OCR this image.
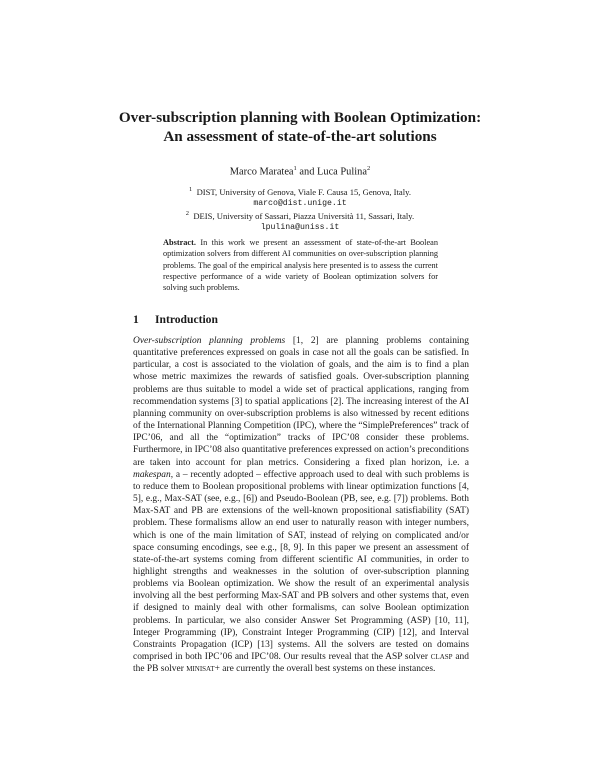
Over-subscription planning with Boolean Optimization:
An assessment of state-of-the-art solutions
Marco Maratea$^1$ and Luca Pulina$^2$
$^1$ DIST, University of Genova, Viale F. Causa 15, Genova, Italy.
marco@dist.unige.it
$^2$ DEIS, University of Sassari, Piazza Università 11, Sassari, Italy.
lpulina@uniss.it
Abstract. In this work we present an assessment of state-of-the-art Boolean optimization solvers from different AI communities on over-subscription planning problems. The goal of the empirical analysis here presented is to assess the current respective performance of a wide variety of Boolean optimization solvers for solving such problems.
1 Introduction
Over-subscription planning problems [1, 2] are planning problems containing quantitative preferences expressed on goals in case not all the goals can be satisfied. In particular, a cost is associated to the violation of goals, and the aim is to find a plan whose metric maximizes the rewards of satisfied goals. Over-subscription planning problems are thus suitable to model a wide set of practical applications, ranging from recommendation systems [3] to spatial applications [2]. The increasing interest of the AI planning community on over-subscription problems is also witnessed by recent editions of the International Planning Competition (IPC), where the “SimplePreferences” track of IPC’06, and all the “optimization” tracks of IPC’08 consider these problems. Furthermore, in IPC’08 also quantitative preferences expressed on action’s preconditions are taken into account for plan metrics. Considering a fixed plan horizon, i.e. a makespan, a – recently adopted – effective approach used to deal with such problems is to reduce them to Boolean propositional problems with linear optimization functions [4, 5], e.g., Max-SAT (see, e.g., [6]) and Pseudo-Boolean (PB, see, e.g. [7]) problems. Both Max-SAT and PB are extensions of the well-known propositional satisfiability (SAT) problem. These formalisms allow an end user to naturally reason with integer numbers, which is one of the main limitation of SAT, instead of relying on complicated and/or space consuming encodings, see e.g., [8, 9]. In this paper we present an assessment of state-of-the-art systems coming from different scientific AI communities, in order to highlight strengths and weaknesses in the solution of over-subscription planning problems via Boolean optimization. We show the result of an experimental analysis involving all the best performing Max-SAT and PB solvers and other systems that, even if designed to mainly deal with other formalisms, can solve Boolean optimization problems. In particular, we also consider Answer Set Programming (ASP) [10, 11], Integer Programming (IP), Constraint Integer Programming (CIP) [12], and Interval Constraints Propagation (ICP) [13] systems. All the solvers are tested on domains comprised in both IPC’06 and IPC’08. Our results reveal that the ASP solver clasp and the PB solver minisat+ are currently the overall best systems on these instances.
